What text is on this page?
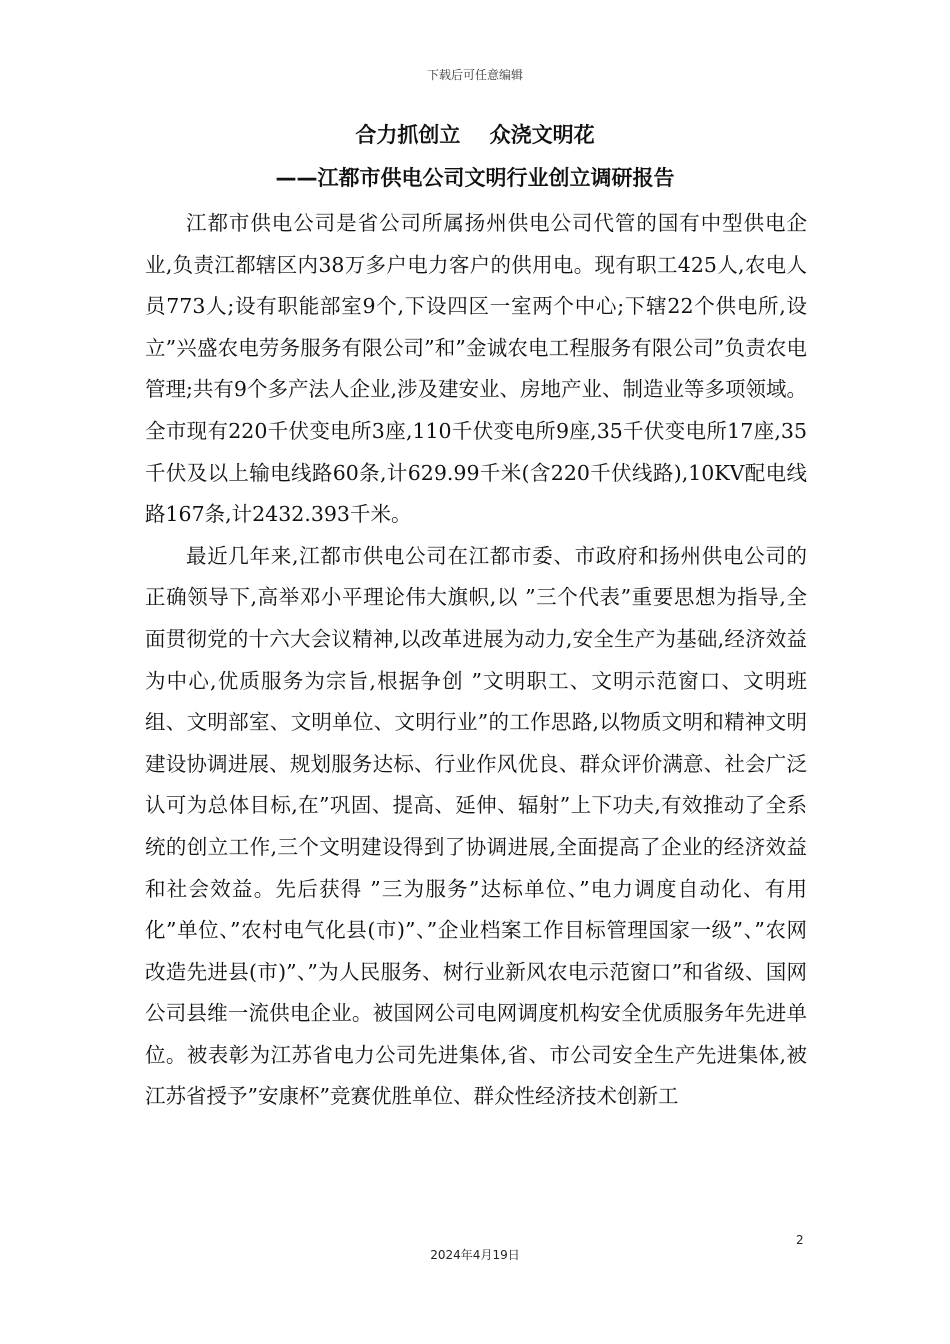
下载后可任意编辑
合力抓创立    众浇文明花
——江都市供电公司文明行业创立调研报告

江都市供电公司是省公司所属扬州供电公司代管的国有中型供电企业,负责江都辖区内38万多户电力客户的供用电。现有职工425人,农电人员773人;设有职能部室9个,下设四区一室两个中心;下辖22个供电所,设立”兴盛农电劳务服务有限公司”和”金诚农电工程服务有限公司”负责农电管理;共有9个多产法人企业,涉及建安业、房地产业、制造业等多项领域。全市现有220千伏变电所3座,110千伏变电所9座,35千伏变电所17座,35千伏及以上输电线路60条,计629.99千米(含220千伏线路),10KV配电线路167条,计2432.393千米。

最近几年来,江都市供电公司在江都市委、市政府和扬州供电公司的正确领导下,高举邓小平理论伟大旗帜,以 ”三个代表”重要思想为指导,全面贯彻党的十六大会议精神,以改革进展为动力,安全生产为基础,经济效益为中心,优质服务为宗旨,根据争创 ”文明职工、文明示范窗口、文明班组、文明部室、文明单位、文明行业”的工作思路,以物质文明和精神文明建设协调进展、规划服务达标、行业作风优良、群众评价满意、社会广泛认可为总体目标,在”巩固、提高、延伸、辐射”上下功夫,有效推动了全系统的创立工作,三个文明建设得到了协调进展,全面提高了企业的经济效益和社会效益。先后获得 ”三为服务”达标单位、”电力调度自动化、有用化”单位、”农村电气化县(市)”、”企业档案工作目标管理国家一级”、”农网改造先进县(市)”、”为人民服务、树行业新风农电示范窗口”和省级、国网公司县维一流供电企业。被国网公司电网调度机构安全优质服务年先进单位。被表彰为江苏省电力公司先进集体,省、市公司安全生产先进集体,被江苏省授予”安康杯”竞赛优胜单位、群众性经济技术创新工

2
2024年4月19日
